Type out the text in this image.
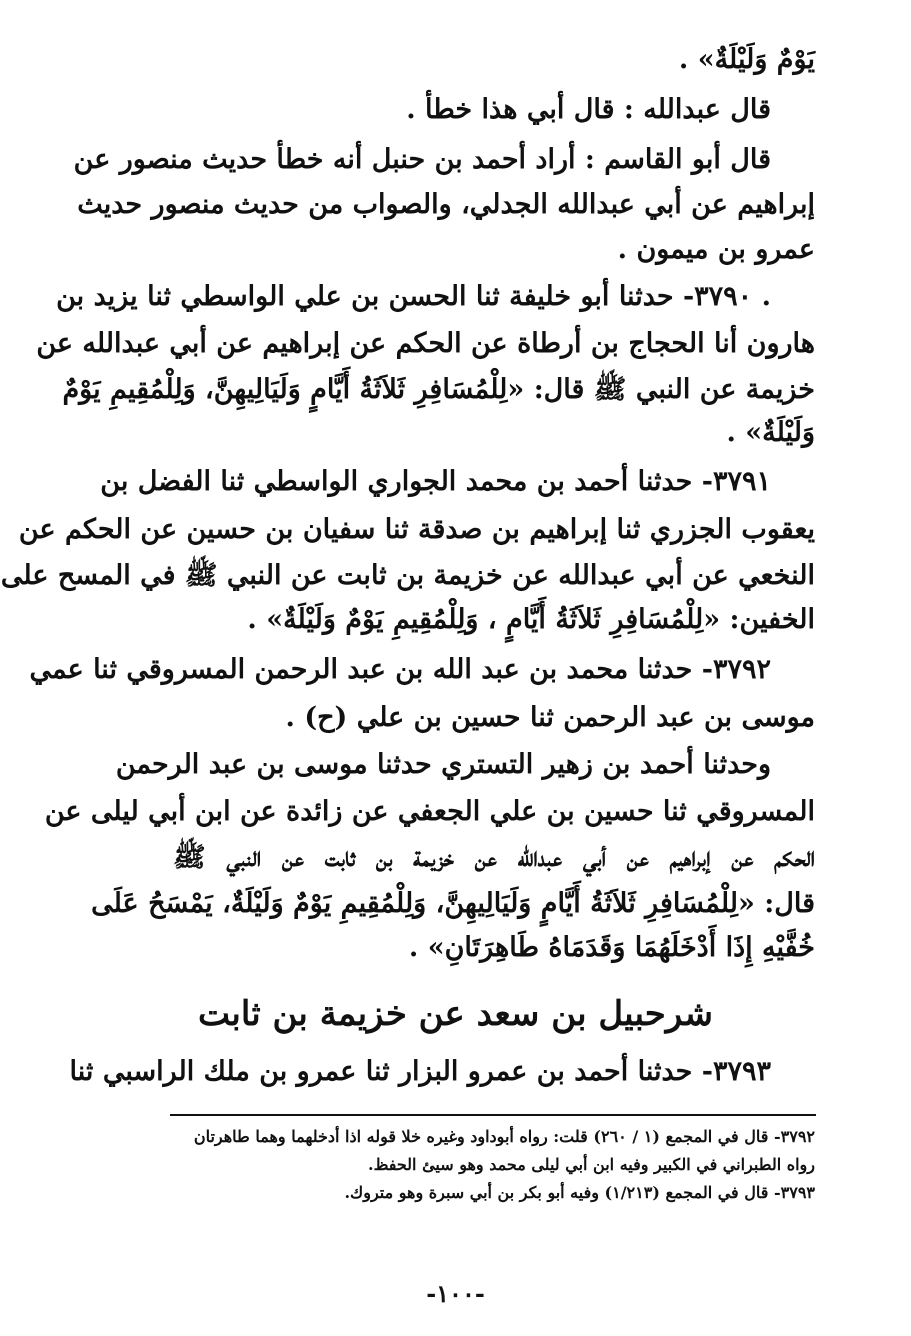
يَوْمٌ وَلَيْلَةٌ» .
قال عبدالله : قال أبي هذا خطأ .
قال أبو القاسم : أراد أحمد بن حنبل أنه خطأ حديث منصور عن
إبراهيم عن أبي عبدالله الجدلي، والصواب من حديث منصور حديث
عمرو بن ميمون .
. ٣٧٩٠- حدثنا أبو خليفة ثنا الحسن بن علي الواسطي ثنا يزيد بن
هارون أنا الحجاج بن أرطاة عن الحكم عن إبراهيم عن أبي عبدالله عن
خزيمة عن النبي ﷺ قال: «لِلْمُسَافِرِ ثَلاَثَةُ أَيَّامٍ وَلَيَالِيهِنَّ، وَلِلْمُقِيمِ يَوْمٌ
وَلَيْلَةٌ» .
٣٧٩١- حدثنا أحمد بن محمد الجواري الواسطي ثنا الفضل بن
يعقوب الجزري ثنا إبراهيم بن صدقة ثنا سفيان بن حسين عن الحكم عن
النخعي عن أبي عبدالله عن خزيمة بن ثابت عن النبي ﷺ في المسح على
الخفين: «لِلْمُسَافِرِ ثَلاَثَةُ أَيَّامٍ ، وَلِلْمُقِيمِ يَوْمٌ وَلَيْلَةٌ» .
٣٧٩٢- حدثنا محمد بن عبد الله بن عبد الرحمن المسروقي ثنا عمي
موسى بن عبد الرحمن ثنا حسين بن علي (ح) .
وحدثنا أحمد بن زهير التستري حدثنا موسى بن عبد الرحمن
المسروقي ثنا حسين بن علي الجعفي عن زائدة عن ابن أبي ليلى عن
الحكم عن إبراهيم عن أبي عبدالله عن خزيمة بن ثابت عن النبي ﷺ
قال: «لِلْمُسَافِرِ ثَلاَثَةُ أَيَّامٍ وَلَيَالِيهِنَّ، وَلِلْمُقِيمِ يَوْمٌ وَلَيْلَةٌ، يَمْسَحُ عَلَى
خُفَّيْهِ إِذَا أَدْخَلَهُمَا وَقَدَمَاهُ طَاهِرَتَانِ» .
شرحبيل بن سعد عن خزيمة بن ثابت
٣٧٩٣- حدثنا أحمد بن عمرو البزار ثنا عمرو بن ملك الراسبي ثنا
٣٧٩٢- قال في المجمع (١ / ٢٦٠) قلت: رواه أبوداود وغيره خلا قوله اذا أدخلهما وهما طاهرتان
رواه الطبراني في الكبير وفيه ابن أبي ليلى محمد وهو سيئ الحفظ.
٣٧٩٣- قال في المجمع (١/٢١٣) وفيه أبو بكر بن أبي سبرة وهو متروك.
-١٠٠-
